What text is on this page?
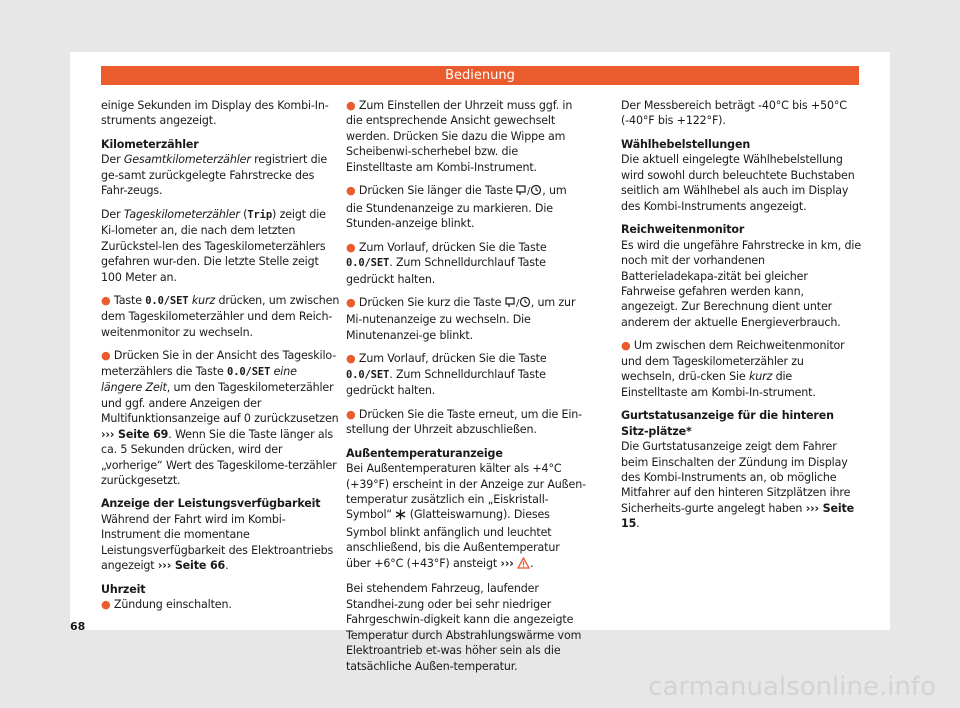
Bedienung

einige Sekunden im Display des Kombi-In-struments angezeigt.

Kilometerzähler

Der Gesamtkilometerzähler registriert die ge-samt zurückgelegte Fahrstrecke des Fahr-zeugs.

Der Tageskilometerzähler (Trip) zeigt die Ki-lometer an, die nach dem letzten Zurückstel-len des Tageskilometerzählers gefahren wur-den. Die letzte Stelle zeigt 100 Meter an.

● Taste 0.0/SET kurz drücken, um zwischen dem Tageskilometerzähler und dem Reich-weitenmonitor zu wechseln.

● Drücken Sie in der Ansicht des Tageskilo-meterzählers die Taste 0.0/SET eine längere Zeit, um den Tageskilometerzähler und ggf. andere Anzeigen der Multifunktionsanzeige auf 0 zurückzusetzen ››› Seite 69. Wenn Sie die Taste länger als ca. 5 Sekunden drücken, wird der „vorherige“ Wert des Tageskilome-terzähler zurückgesetzt.

Anzeige der Leistungsverfügbarkeit

Während der Fahrt wird im Kombi-Instrument die momentane Leistungsverfügbarkeit des Elektroantriebs angezeigt ››› Seite 66.

Uhrzeit

● Zündung einschalten.

● Zum Einstellen der Uhrzeit muss ggf. in die entsprechende Ansicht gewechselt werden. Drücken Sie dazu die Wippe am Scheibenwi-scherhebel bzw. die Einstelltaste am Kombi-Instrument.

● Drücken Sie länger die Taste / , um die Stundenanzeige zu markieren. Die Stunden-anzeige blinkt.

● Zum Vorlauf, drücken Sie die Taste 0.0/SET. Zum Schnelldurchlauf Taste gedrückt halten.

● Drücken Sie kurz die Taste / , um zur Mi-nutenanzeige zu wechseln. Die Minutenanzei-ge blinkt.

● Zum Vorlauf, drücken Sie die Taste 0.0/SET. Zum Schnelldurchlauf Taste gedrückt halten.

● Drücken Sie die Taste erneut, um die Ein-stellung der Uhrzeit abzuschließen.

Außentemperaturanzeige

Bei Außentemperaturen kälter als +4°C (+39°F) erscheint in der Anzeige zur Außen-temperatur zusätzlich ein „Eiskristall-Symbol“  (Glatteiswarnung). Dieses Symbol blinkt anfänglich und leuchtet anschließend, bis die Außentemperatur über +6°C (+43°F) ansteigt ››› .

Bei stehendem Fahrzeug, laufender Standhei-zung oder bei sehr niedriger Fahrgeschwin-digkeit kann die angezeigte Temperatur durch Abstrahlungswärme vom Elektroantrieb et-was höher sein als die tatsächliche Außen-temperatur.

Der Messbereich beträgt -40°C bis +50°C (-40°F bis +122°F).

Wählhebelstellungen

Die aktuell eingelegte Wählhebelstellung wird sowohl durch beleuchtete Buchstaben seitlich am Wählhebel als auch im Display des Kombi-Instruments angezeigt.

Reichweitenmonitor

Es wird die ungefähre Fahrstrecke in km, die noch mit der vorhandenen Batterieladekapa-zität bei gleicher Fahrweise gefahren werden kann, angezeigt. Zur Berechnung dient unter anderem der aktuelle Energieverbrauch.

● Um zwischen dem Reichweitenmonitor und dem Tageskilometerzähler zu wechseln, drü-cken Sie kurz die Einstelltaste am Kombi-In-strument.

Gurtstatusanzeige für die hinteren Sitz-plätze*

Die Gurtstatusanzeige zeigt dem Fahrer beim Einschalten der Zündung im Display des Kombi-Instruments an, ob mögliche Mitfahrer auf den hinteren Sitzplätzen ihre Sicherheits-gurte angelegt haben ››› Seite 15.

68
carmanualsonline.info
